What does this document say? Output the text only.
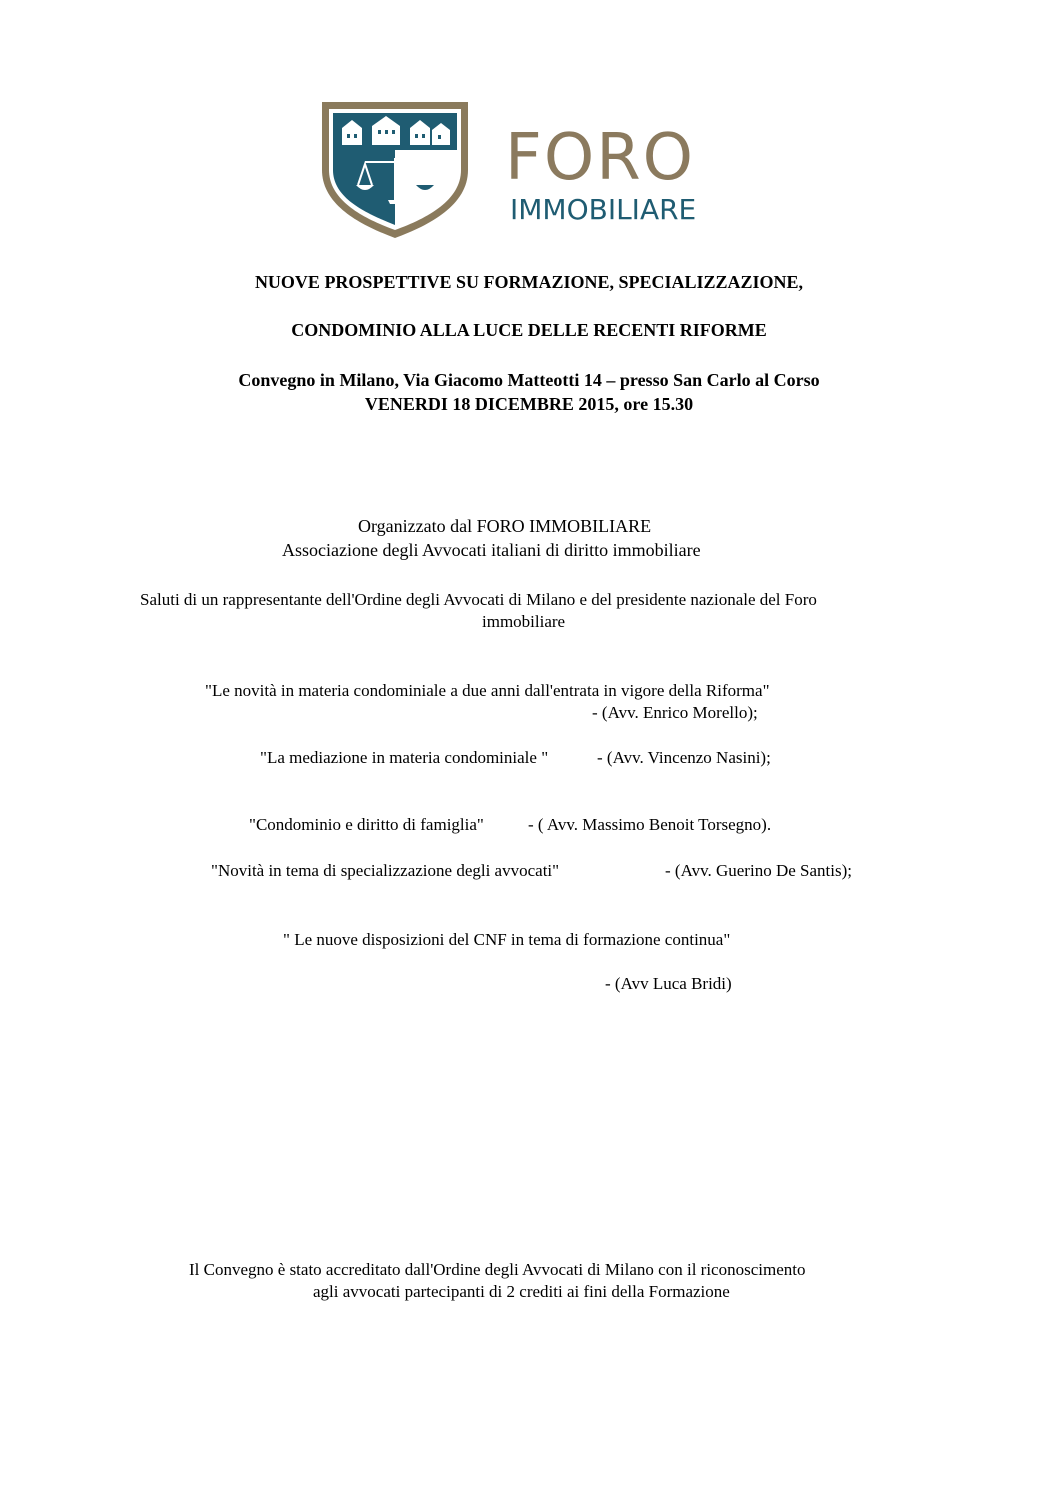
FORO
IMMOBILIARE
NUOVE PROSPETTIVE SU FORMAZIONE, SPECIALIZZAZIONE,
CONDOMINIO ALLA LUCE DELLE RECENTI RIFORME
Convegno in Milano, Via Giacomo Matteotti 14 – presso San Carlo al Corso
VENERDI 18 DICEMBRE 2015, ore 15.30
Organizzato dal FORO IMMOBILIARE
Associazione degli Avvocati italiani di diritto immobiliare
Saluti di un rappresentante dell'Ordine degli Avvocati di Milano e del presidente nazionale del Foro
immobiliare
"Le novità in materia condominiale a due anni dall'entrata in vigore della Riforma"
- (Avv. Enrico Morello);
"La mediazione in materia condominiale "	- (Avv. Vincenzo Nasini);
"Condominio e diritto di famiglia"	- ( Avv. Massimo Benoit Torsegno).
"Novità in tema di specializzazione degli avvocati"	- (Avv. Guerino De Santis);
" Le nuove disposizioni del CNF in tema di formazione continua"
- (Avv Luca Bridi)
Il Convegno è stato accreditato dall'Ordine degli Avvocati di Milano con il riconoscimento
agli avvocati partecipanti di 2 crediti ai fini della Formazione
